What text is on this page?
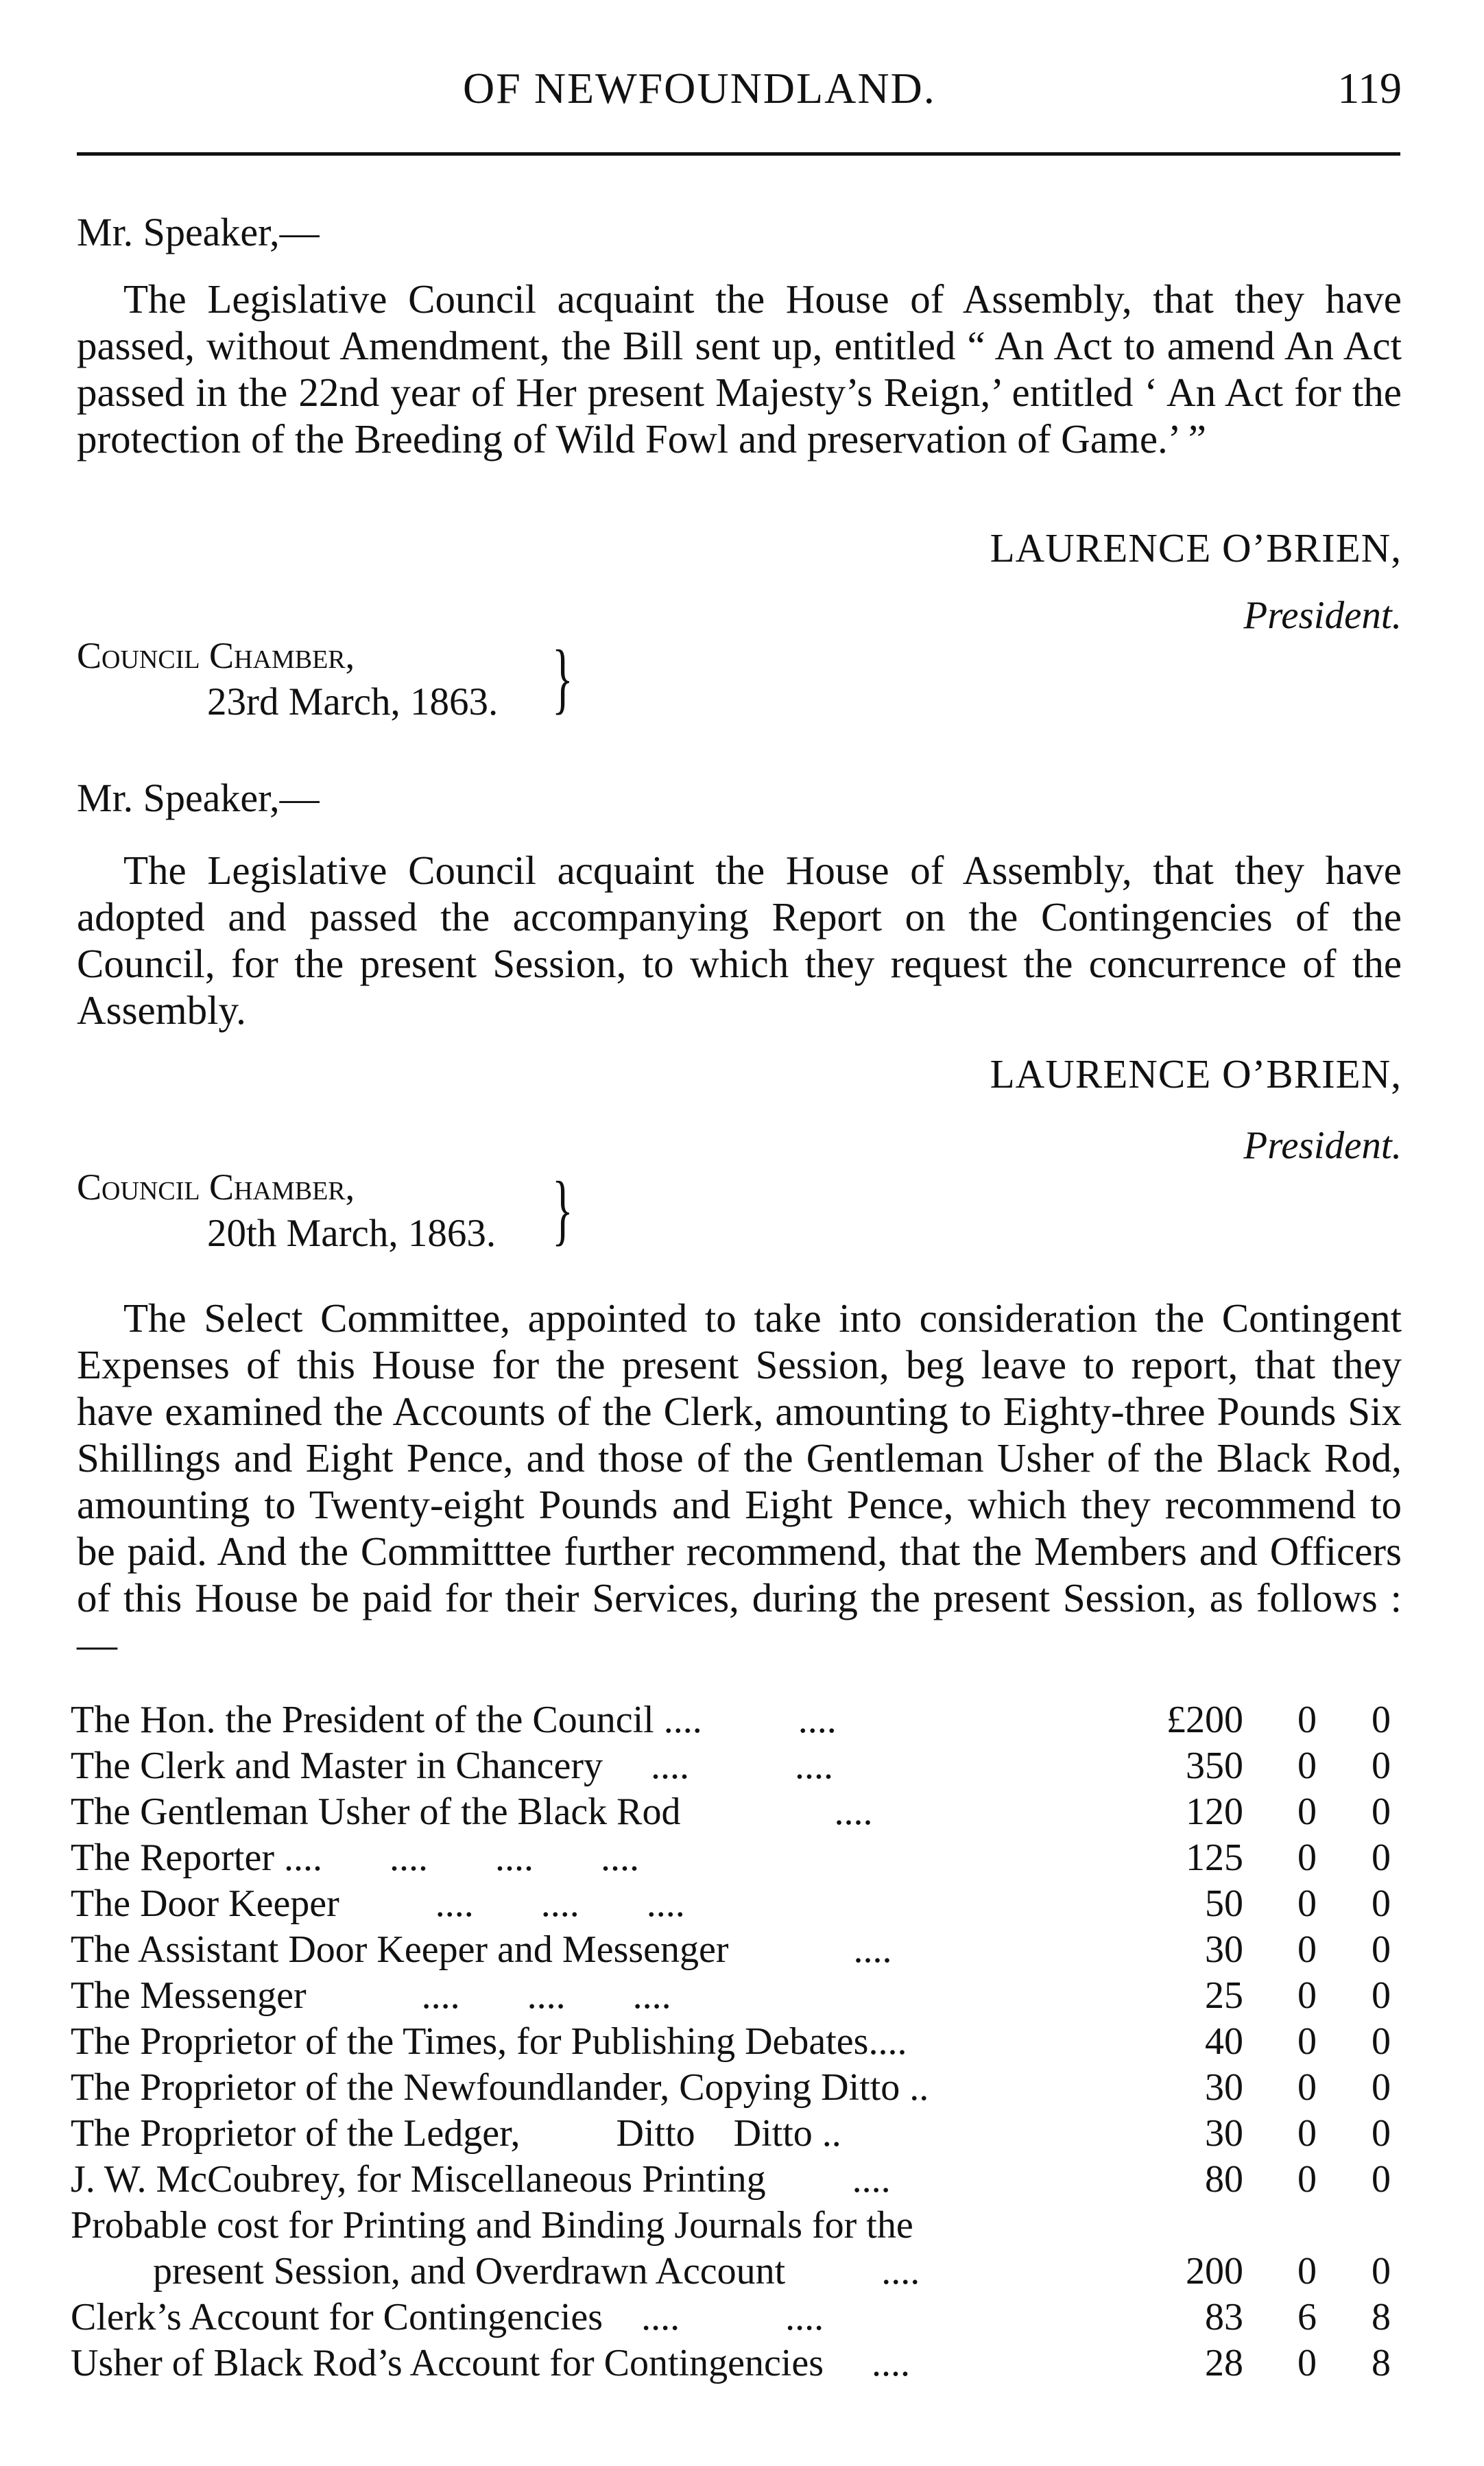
OF NEWFOUNDLAND.	119
Mr. Speaker,—

The Legislative Council acquaint the House of Assembly, that they have passed, without Amendment, the Bill sent up, entitled “ An Act to amend An Act passed in the 22nd year of Her present Majesty’s Reign,’ entitled ‘ An Act for the protection of the Breeding of Wild Fowl and preservation of Game.’ ”

LAURENCE O’BRIEN,
President.
Council Chamber,
23rd March, 1863. }
Mr. Speaker,—

The Legislative Council acquaint the House of Assembly, that they have adopted and passed the accompanying Report on the Contingencies of the Council, for the present Session, to which they request the concurrence of the Assembly.

LAURENCE O’BRIEN,
President.
Council Chamber,
20th March, 1863. }

The Select Committee, appointed to take into consideration the Contingent Expenses of this House for the present Session, beg leave to report, that they have examined the Accounts of the Clerk, amounting to Eighty-three Pounds Six Shillings and Eight Pence, and those of the Gentleman Usher of the Black Rod, amounting to Twenty-eight Pounds and Eight Pence, which they recommend to be paid. And the Committtee further recommend, that the Members and Officers of this House be paid for their Services, during the present Session, as follows :—

The Hon. the President of the Council ....          ....	£200 0 0
The Clerk and Master in Chancery     ....           ....	350 0 0
The Gentleman Usher of the Black Rod                ....	120 0 0
The Reporter ....       ....       ....       ....	125 0 0
The Door Keeper          ....       ....       ....	50 0 0
The Assistant Door Keeper and Messenger             ....	30 0 0
The Messenger            ....       ....       ....	25 0 0
The Proprietor of the Times, for Publishing Debates....	40 0 0
The Proprietor of the Newfoundlander, Copying Ditto ..	30 0 0
The Proprietor of the Ledger,          Ditto    Ditto ..	30 0 0
J. W. McCoubrey, for Miscellaneous Printing         ....	80 0 0
Probable cost for Printing and Binding Journals for the
present Session, and Overdrawn Account          ....	200 0 0
Clerk’s Account for Contingencies    ....           ....	83 6 8
Usher of Black Rod’s Account for Contingencies     ....	28 0 8
